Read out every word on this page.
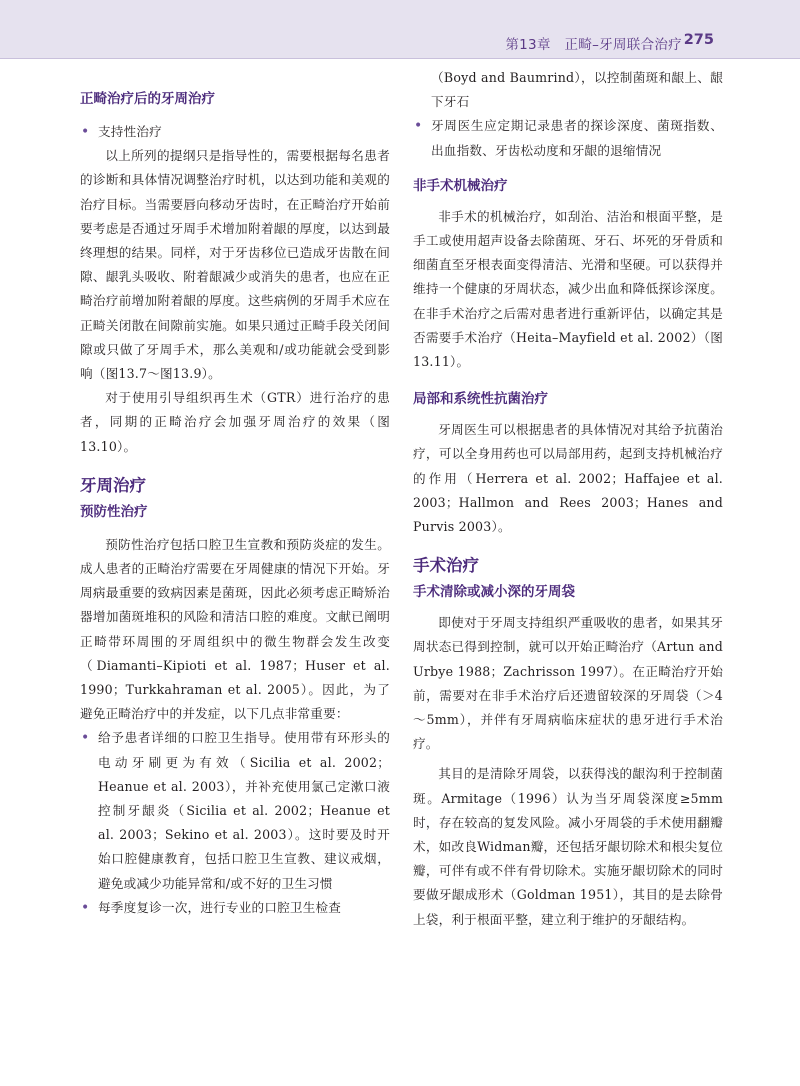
第13章　正畸–牙周联合治疗 275
正畸治疗后的牙周治疗
• 支持性治疗

以上所列的提纲只是指导性的，需要根据每名患者的诊断和具体情况调整治疗时机，以达到功能和美观的治疗目标。当需要唇向移动牙齿时，在正畸治疗开始前要考虑是否通过牙周手术增加附着龈的厚度，以达到最终理想的结果。同样，对于牙齿移位已造成牙齿散在间隙、龈乳头吸收、附着龈减少或消失的患者，也应在正畸治疗前增加附着龈的厚度。这些病例的牙周手术应在正畸关闭散在间隙前实施。如果只通过正畸手段关闭间隙或只做了牙周手术，那么美观和/或功能就会受到影响（图13.7～图13.9）。

对于使用引导组织再生术（GTR）进行治疗的患者，同期的正畸治疗会加强牙周治疗的效果（图13.10）。

牙周治疗
预防性治疗

预防性治疗包括口腔卫生宣教和预防炎症的发生。成人患者的正畸治疗需要在牙周健康的情况下开始。牙周病最重要的致病因素是菌斑，因此必须考虑正畸矫治器增加菌斑堆积的风险和清洁口腔的难度。文献已阐明正畸带环周围的牙周组织中的微生物群会发生改变（Diamanti–Kipioti et al. 1987；Huser et al. 1990；Turkkahraman et al. 2005）。因此，为了避免正畸治疗中的并发症，以下几点非常重要：

• 给予患者详细的口腔卫生指导。使用带有环形头的电动牙刷更为有效（Sicilia et al. 2002；Heanue et al. 2003），并补充使用氯己定漱口液控制牙龈炎（Sicilia et al. 2002；Heanue et al. 2003；Sekino et al. 2003）。这时要及时开始口腔健康教育，包括口腔卫生宣教、建议戒烟，避免或减少功能异常和/或不好的卫生习惯
• 每季度复诊一次，进行专业的口腔卫生检查
（Boyd and Baumrind），以控制菌斑和龈上、龈下牙石
• 牙周医生应定期记录患者的探诊深度、菌斑指数、出血指数、牙齿松动度和牙龈的退缩情况
非手术机械治疗

非手术的机械治疗，如刮治、洁治和根面平整，是手工或使用超声设备去除菌斑、牙石、坏死的牙骨质和细菌直至牙根表面变得清洁、光滑和坚硬。可以获得并维持一个健康的牙周状态，减少出血和降低探诊深度。在非手术治疗之后需对患者进行重新评估，以确定其是否需要手术治疗（Heita–Mayfield et al. 2002）（图13.11）。

局部和系统性抗菌治疗

牙周医生可以根据患者的具体情况对其给予抗菌治疗，可以全身用药也可以局部用药，起到支持机械治疗的作用（Herrera et al. 2002；Haffajee et al. 2003；Hallmon and Rees 2003；Hanes and Purvis 2003）。

手术治疗
手术清除或减小深的牙周袋

即使对于牙周支持组织严重吸收的患者，如果其牙周状态已得到控制，就可以开始正畸治疗（Artun and Urbye 1988；Zachrisson 1997）。在正畸治疗开始前，需要对在非手术治疗后还遗留较深的牙周袋（＞4～5mm），并伴有牙周病临床症状的患牙进行手术治疗。

其目的是清除牙周袋，以获得浅的龈沟利于控制菌斑。Armitage（1996）认为当牙周袋深度≥5mm时，存在较高的复发风险。减小牙周袋的手术使用翻瓣术，如改良Widman瓣，还包括牙龈切除术和根尖复位瓣，可伴有或不伴有骨切除术。实施牙龈切除术的同时要做牙龈成形术（Goldman 1951），其目的是去除骨上袋，利于根面平整，建立利于维护的牙龈结构。
